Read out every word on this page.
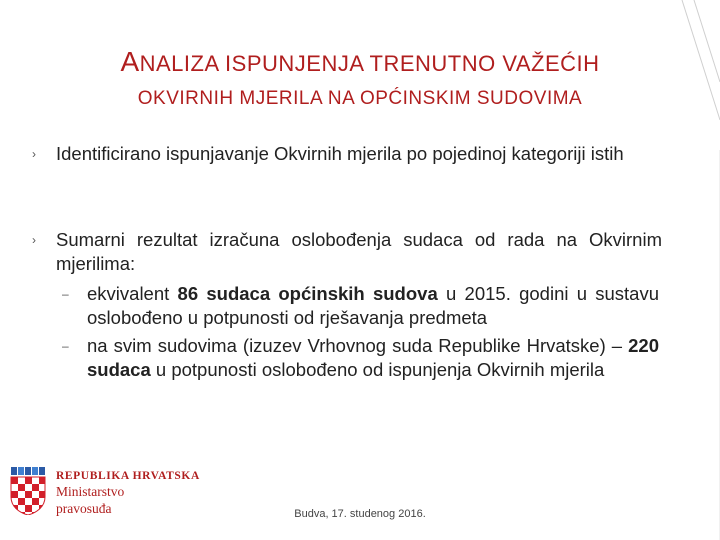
ANALIZA ISPUNJENJA TRENUTNO VAŽEĆIH
OKVIRNIH MJERILA NA OPĆINSKIM SUDOVIMA
›	Identificirano ispunjavanje Okvirnih mjerila po pojedinoj kategoriji istih
›	Sumarni rezultat izračuna oslobođenja sudaca od rada na Okvirnim mjerilima:
– ekvivalent 86 sudaca općinskih sudova u 2015. godini u sustavu oslobođeno u potpunosti od rješavanja predmeta
– na svim sudovima (izuzev Vrhovnog suda Republike Hrvatske) – 220 sudaca u potpunosti oslobođeno od ispunjenja Okvirnih mjerila
REPUBLIKA HRVATSKA
Ministarstvo
pravosuđa	Budva, 17. studenog 2016.
